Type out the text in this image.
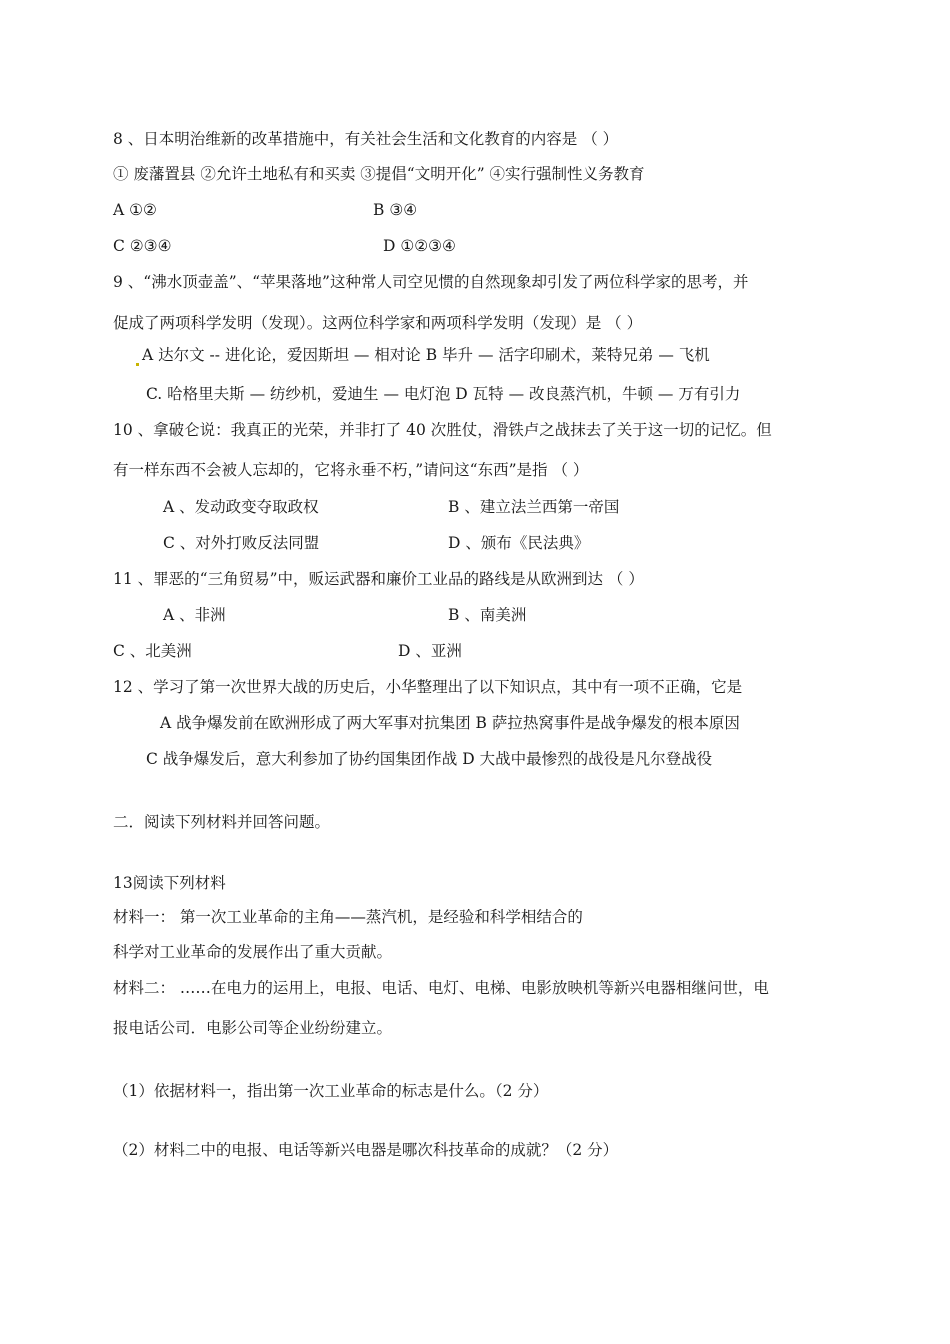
8 、日本明治维新的改革措施中，有关社会生活和文化教育的内容是 （ ）
① 废藩置县 ②允许土地私有和买卖 ③提倡“文明开化” ④实行强制性义务教育
A ①②	B ③④
C ②③④	D ①②③④
9 、“沸水顶壶盖”、“苹果落地”这种常人司空见惯的自然现象却引发了两位科学家的思考，并
促成了两项科学发明（发现）。这两位科学家和两项科学发明（发现）是 （ ）
A 达尔文 -- 进化论，爱因斯坦 — 相对论 B 毕升 — 活字印刷术，莱特兄弟 — 飞机
C. 哈格里夫斯 — 纺纱机，爱迪生 — 电灯泡 D 瓦特 — 改良蒸汽机，牛顿 — 万有引力
10 、拿破仑说：我真正的光荣，并非打了 40 次胜仗，滑铁卢之战抹去了关于这一切的记忆。但
有一样东西不会被人忘却的，它将永垂不朽，”请问这“东西”是指 （ ）
A 、发动政变夺取政权	B 、建立法兰西第一帝国
C 、对外打败反法同盟	D 、颁布《民法典》
11 、罪恶的“三角贸易”中，贩运武器和廉价工业品的路线是从欧洲到达 （ ）
A 、非洲	B 、南美洲
C 、北美洲	D 、亚洲
12 、学习了第一次世界大战的历史后，小华整理出了以下知识点，其中有一项不正确，它是
A 战争爆发前在欧洲形成了两大军事对抗集团 B 萨拉热窝事件是战争爆发的根本原因
C 战争爆发后，意大利参加了协约国集团作战 D 大战中最惨烈的战役是凡尔登战役
二．阅读下列材料并回答问题。
13阅读下列材料
材料一： 第一次工业革命的主角——蒸汽机，是经验和科学相结合的
科学对工业革命的发展作出了重大贡献。
材料二： ……在电力的运用上，电报、电话、电灯、电梯、电影放映机等新兴电器相继问世，电
报电话公司．电影公司等企业纷纷建立。
（1）依据材料一，指出第一次工业革命的标志是什么。（2 分）
（2）材料二中的电报、电话等新兴电器是哪次科技革命的成就？（2 分）
